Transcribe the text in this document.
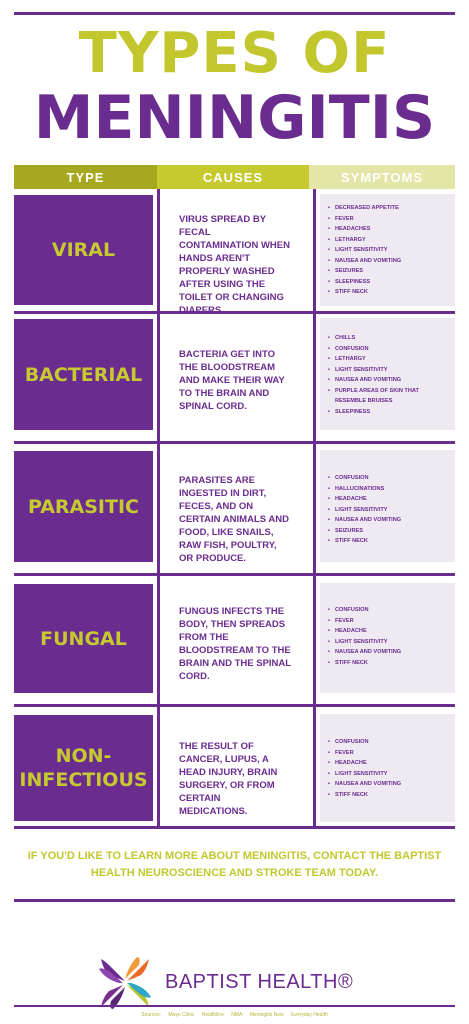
TYPES OF
MENINGITIS
TYPE	CAUSES	SYMPTOMS
VIRAL
VIRUS SPREAD BY FECAL CONTAMINATION WHEN HANDS AREN'T PROPERLY WASHED AFTER USING THE TOILET OR CHANGING DIAPERS.
• DECREASED APPETITE
• FEVER
• HEADACHES
• LETHARGY
• LIGHT SENSITIVITY
• NAUSEA AND VOMITING
• SEIZURES
• SLEEPINESS
• STIFF NECK
BACTERIAL
BACTERIA GET INTO THE BLOODSTREAM AND MAKE THEIR WAY TO THE BRAIN AND SPINAL CORD.
• CHILLS
• CONFUSION
• LETHARGY
• LIGHT SENSITIVITY
• NAUSEA AND VOMITING
• PURPLE AREAS OF SKIN THAT RESEMBLE BRUISES
• SLEEPINESS
PARASITIC
PARASITES ARE INGESTED IN DIRT, FECES, AND ON CERTAIN ANIMALS AND FOOD, LIKE SNAILS, RAW FISH, POULTRY, OR PRODUCE.
• CONFUSION
• HALLUCINATIONS
• HEADACHE
• LIGHT SENSITIVITY
• NAUSEA AND VOMITING
• SEIZURES
• STIFF NECK
FUNGAL
FUNGUS INFECTS THE BODY, THEN SPREADS FROM THE BLOODSTREAM TO THE BRAIN AND THE SPINAL CORD.
• CONFUSION
• FEVER
• HEADACHE
• LIGHT SENSITIVITY
• NAUSEA AND VOMITING
• STIFF NECK
NON-
INFECTIOUS
THE RESULT OF CANCER, LUPUS, A HEAD INJURY, BRAIN SURGERY, OR FROM CERTAIN MEDICATIONS.
• CONFUSION
• FEVER
• HEADACHE
• LIGHT SENSITIVITY
• NAUSEA AND VOMITING
• STIFF NECK
IF YOU'D LIKE TO LEARN MORE ABOUT MENINGITIS, CONTACT THE BAPTIST HEALTH NEUROSCIENCE AND STROKE TEAM TODAY.
BAPTIST HEALTH®
Sources: Mayo Clinic Healthline NMA Meningitis Now Everyday Health
